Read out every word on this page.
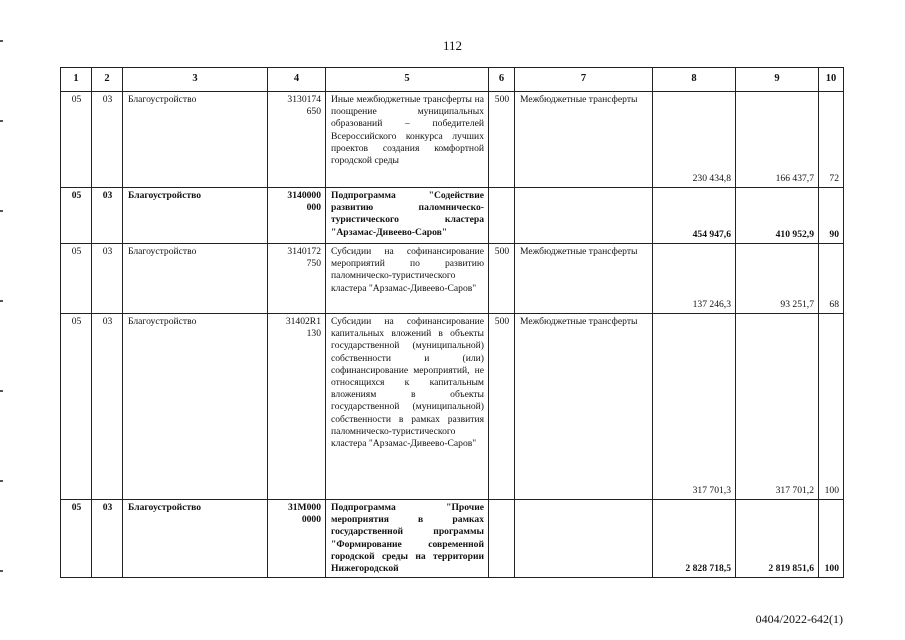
112
1	2	3	4	5	6	7	8	9	10
05	03	Благоустройство	3130174 650	Иные межбюджетные трансферты на поощрение муниципальных образований – победителей Всероссийского конкурса лучших проектов создания комфортной городской среды	500	Межбюджетные трансферты	230 434,8	166 437,7	72
05	03	Благоустройство	3140000 000	Подпрограмма "Содействие развитию паломническо-туристического кластера "Арзамас-Дивеево-Саров"			454 947,6	410 952,9	90
05	03	Благоустройство	3140172 750	Субсидии на софинансирование мероприятий по развитию паломническо-туристического кластера "Арзамас-Дивеево-Саров"	500	Межбюджетные трансферты	137 246,3	93 251,7	68
05	03	Благоустройство	31402R1 130	Субсидии на софинансирование капитальных вложений в объекты государственной (муниципальной) собственности и (или) софинансирование мероприятий, не относящихся к капитальным вложениям в объекты государственной (муниципальной) собственности в рамках развития паломническо-туристического кластера "Арзамас-Дивеево-Саров"	500	Межбюджетные трансферты	317 701,3	317 701,2	100
05	03	Благоустройство	31М000 0000	Подпрограмма "Прочие мероприятия в рамках государственной программы "Формирование современной городской среды на территории Нижегородской			2 828 718,5	2 819 851,6	100
0404/2022-642(1)
